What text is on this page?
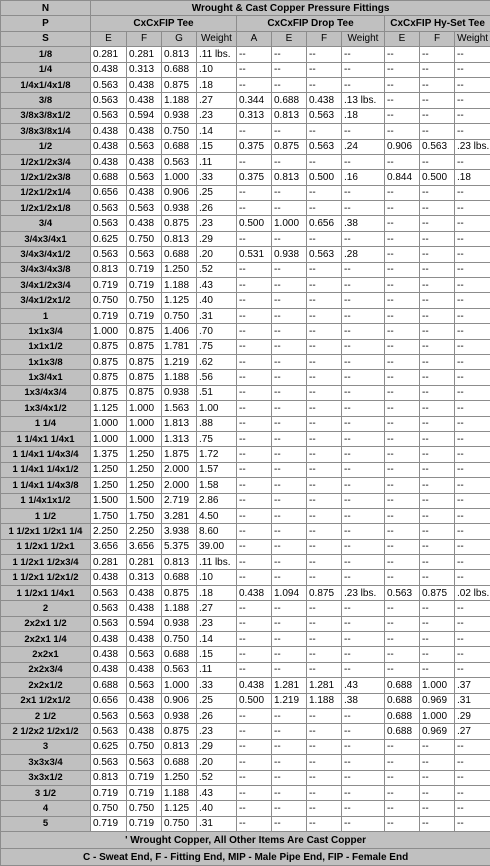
N	Wrought & Cast Copper Pressure Fittings										
P	CxCxFIP Tee				CxCxFIP Drop Tee				CxCxFIP Hy-Set Tee		
S	E	F	G	Weight	A	E	F	Weight	E	F	Weight
1/8	0.281	0.281	0.813	.11 lbs.	--	--	--	--	--	--	--
1/4	0.438	0.313	0.688	.10	--	--	--	--	--	--	--
1/4x1/4x1/8	0.563	0.438	0.875	.18	--	--	--	--	--	--	--
3/8	0.563	0.438	1.188	.27	0.344	0.688	0.438	.13 lbs.	--	--	--
3/8x3/8x1/2	0.563	0.594	0.938	.23	0.313	0.813	0.563	.18	--	--	--
3/8x3/8x1/4	0.438	0.438	0.750	.14	--	--	--	--	--	--	--
1/2	0.438	0.563	0.688	.15	0.375	0.875	0.563	.24	0.906	0.563	.23 lbs.
1/2x1/2x3/4	0.438	0.438	0.563	.11	--	--	--	--	--	--	--
1/2x1/2x3/8	0.688	0.563	1.000	.33	0.375	0.813	0.500	.16	0.844	0.500	.18
1/2x1/2x1/4	0.656	0.438	0.906	.25	--	--	--	--	--	--	--
1/2x1/2x1/8	0.563	0.563	0.938	.26	--	--	--	--	--	--	--
3/4	0.563	0.438	0.875	.23	0.500	1.000	0.656	.38	--	--	--
3/4x3/4x1	0.625	0.750	0.813	.29	--	--	--	--	--	--	--
3/4x3/4x1/2	0.563	0.563	0.688	.20	0.531	0.938	0.563	.28	--	--	--
3/4x3/4x3/8	0.813	0.719	1.250	.52	--	--	--	--	--	--	--
3/4x1/2x3/4	0.719	0.719	1.188	.43	--	--	--	--	--	--	--
3/4x1/2x1/2	0.750	0.750	1.125	.40	--	--	--	--	--	--	--
1	0.719	0.719	0.750	.31	--	--	--	--	--	--	--
1x1x3/4	1.000	0.875	1.406	.70	--	--	--	--	--	--	--
1x1x1/2	0.875	0.875	1.781	.75	--	--	--	--	--	--	--
1x1x3/8	0.875	0.875	1.219	.62	--	--	--	--	--	--	--
1x3/4x1	0.875	0.875	1.188	.56	--	--	--	--	--	--	--
1x3/4x3/4	0.875	0.875	0.938	.51	--	--	--	--	--	--	--
1x3/4x1/2	1.125	1.000	1.563	1.00	--	--	--	--	--	--	--
1 1/4	1.000	1.000	1.813	.88	--	--	--	--	--	--	--
1 1/4x1 1/4x1	1.000	1.000	1.313	.75	--	--	--	--	--	--	--
1 1/4x1 1/4x3/4	1.375	1.250	1.875	1.72	--	--	--	--	--	--	--
1 1/4x1 1/4x1/2	1.250	1.250	2.000	1.57	--	--	--	--	--	--	--
1 1/4x1 1/4x3/8	1.250	1.250	2.000	1.58	--	--	--	--	--	--	--
1 1/4x1x1/2	1.500	1.500	2.719	2.86	--	--	--	--	--	--	--
1 1/2	1.750	1.750	3.281	4.50	--	--	--	--	--	--	--
1 1/2x1 1/2x1 1/4	2.250	2.250	3.938	8.60	--	--	--	--	--	--	--
1 1/2x1 1/2x1	3.656	3.656	5.375	39.00	--	--	--	--	--	--	--
1 1/2x1 1/2x3/4	0.281	0.281	0.813	.11 lbs.	--	--	--	--	--	--	--
1 1/2x1 1/2x1/2	0.438	0.313	0.688	.10	--	--	--	--	--	--	--
1 1/2x1 1/4x1	0.563	0.438	0.875	.18	0.438	1.094	0.875	.23 lbs.	0.563	0.875	.02 lbs.
2	0.563	0.438	1.188	.27	--	--	--	--	--	--	--
2x2x1 1/2	0.563	0.594	0.938	.23	--	--	--	--	--	--	--
2x2x1 1/4	0.438	0.438	0.750	.14	--	--	--	--	--	--	--
2x2x1	0.438	0.563	0.688	.15	--	--	--	--	--	--	--
2x2x3/4	0.438	0.438	0.563	.11	--	--	--	--	--	--	--
2x2x1/2	0.688	0.563	1.000	.33	0.438	1.281	1.281	.43	0.688	1.000	.37
2x1 1/2x1/2	0.656	0.438	0.906	.25	0.500	1.219	1.188	.38	0.688	0.969	.31
2 1/2	0.563	0.563	0.938	.26	--	--	--	--	0.688	1.000	.29
2 1/2x2 1/2x1/2	0.563	0.438	0.875	.23	--	--	--	--	0.688	0.969	.27
3	0.625	0.750	0.813	.29	--	--	--	--	--	--	--
3x3x3/4	0.563	0.563	0.688	.20	--	--	--	--	--	--	--
3x3x1/2	0.813	0.719	1.250	.52	--	--	--	--	--	--	--
3 1/2	0.719	0.719	1.188	.43	--	--	--	--	--	--	--
4	0.750	0.750	1.125	.40	--	--	--	--	--	--	--
5	0.719	0.719	0.750	.31	--	--	--	--	--	--	--
' Wrought Copper, All Other Items Are Cast Copper											
C - Sweat End, F - Fitting End, MIP - Male Pipe End, FIP - Female End											
